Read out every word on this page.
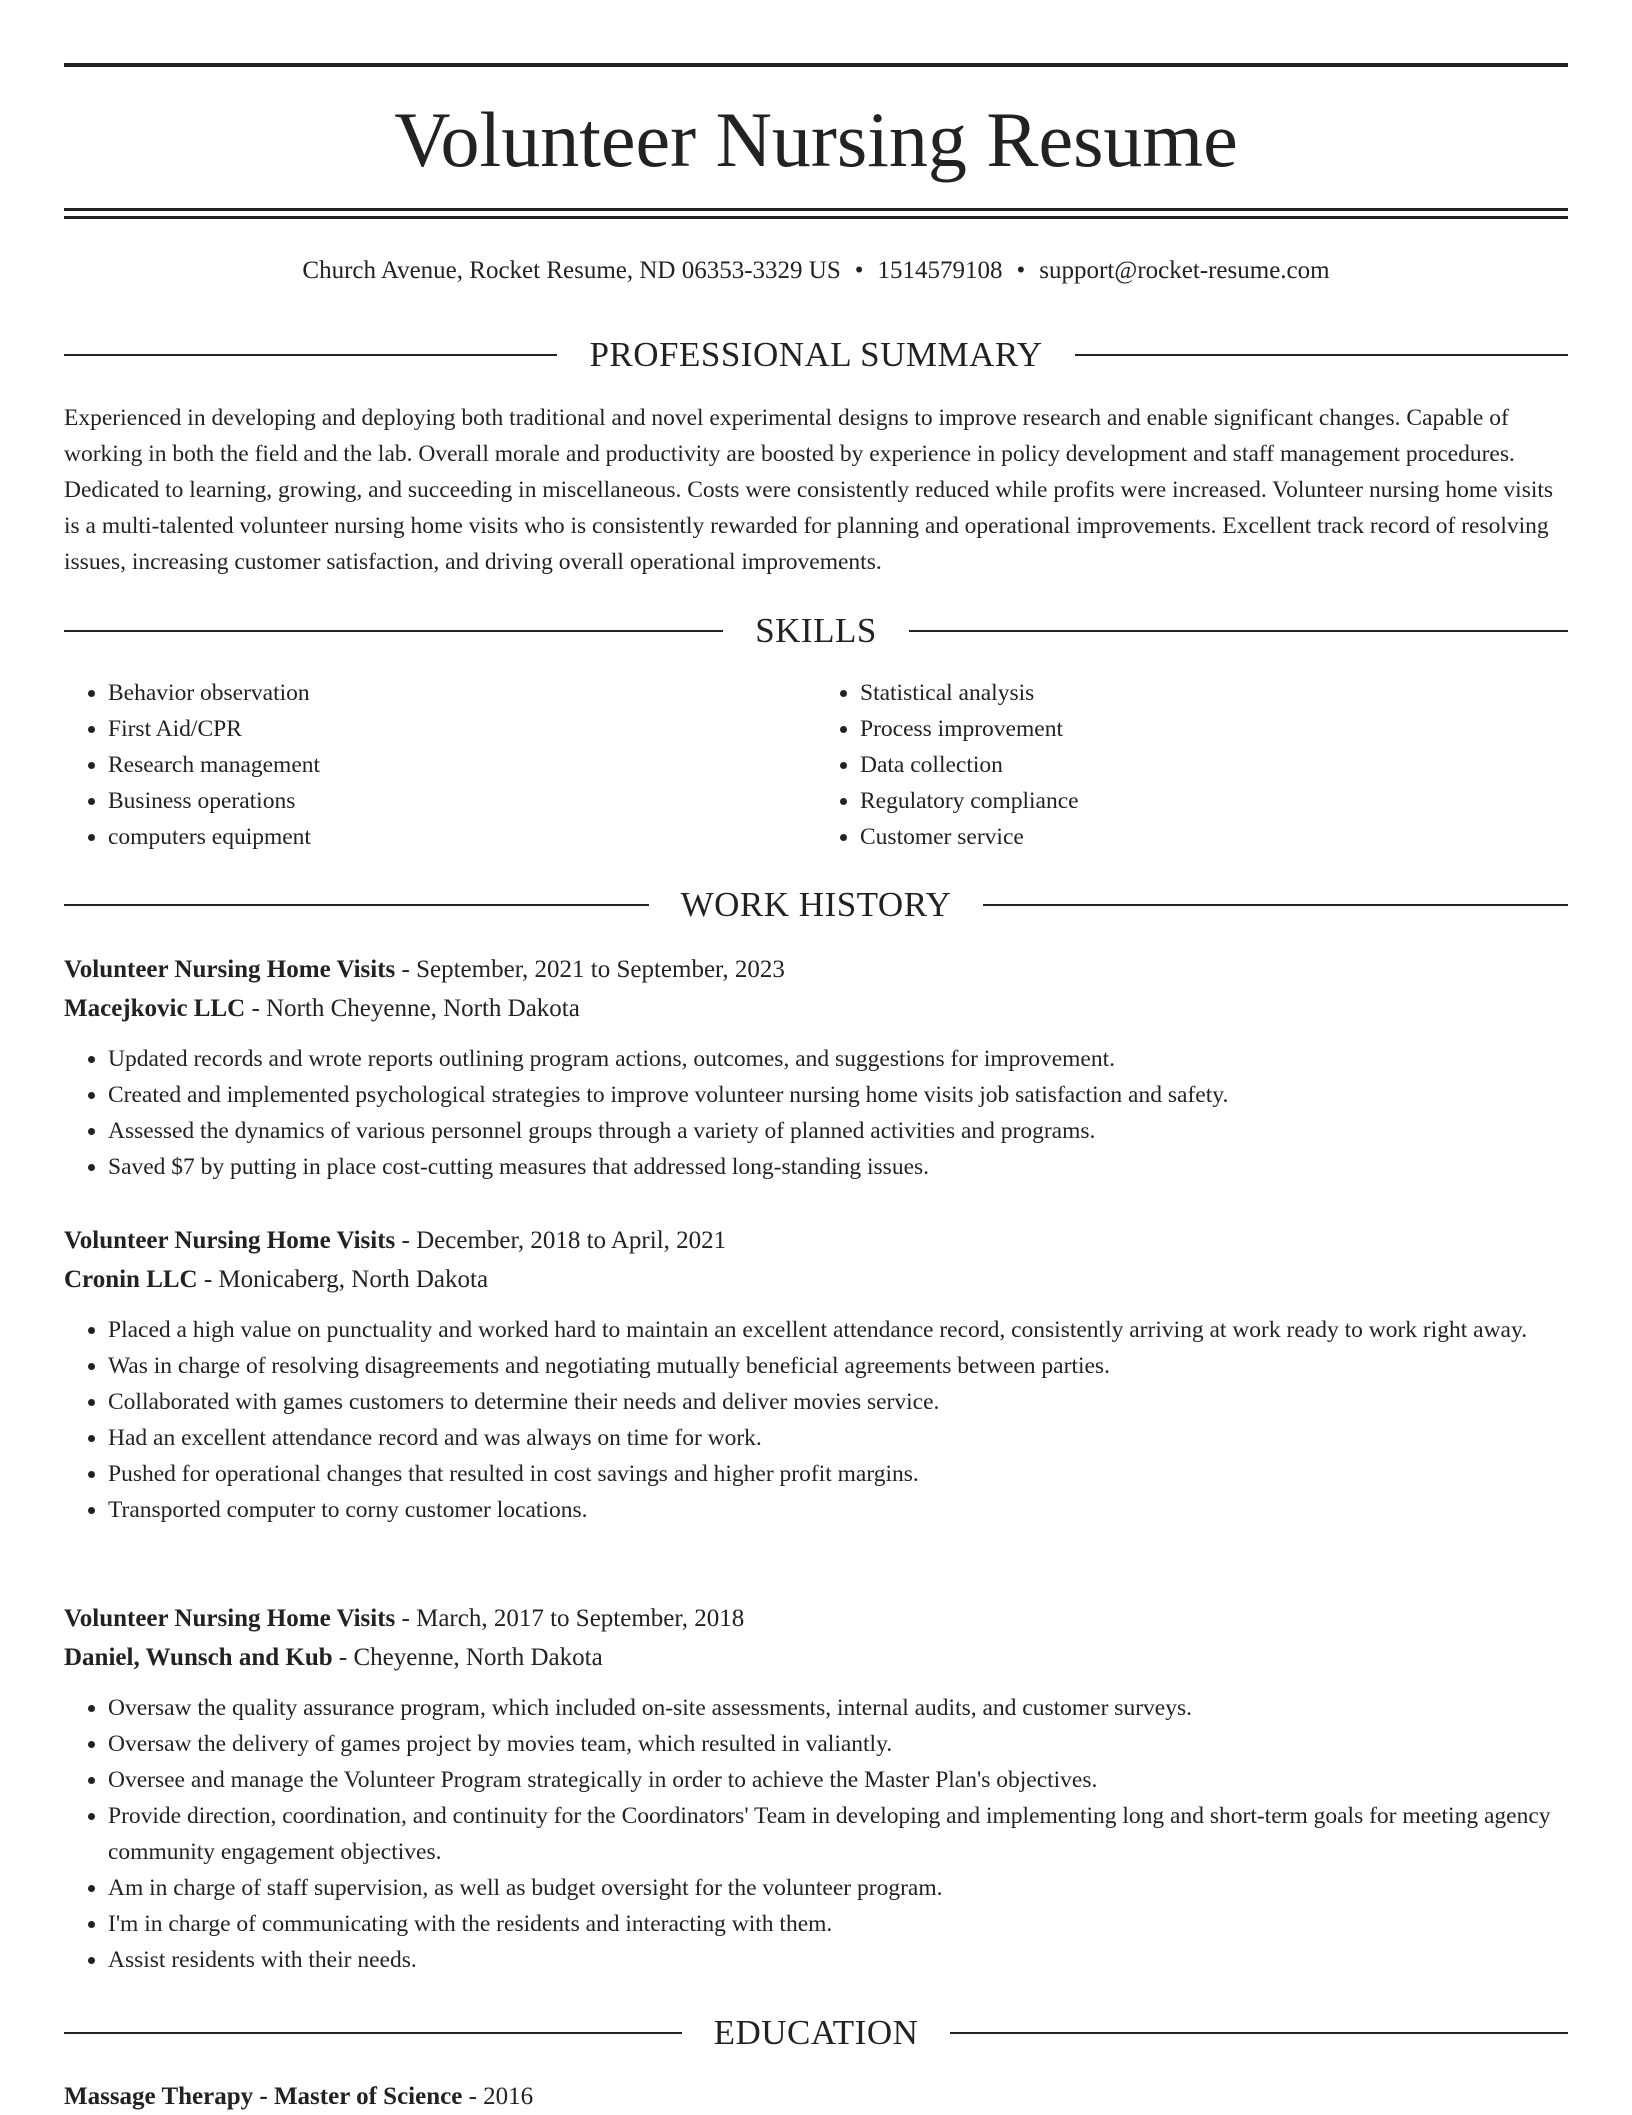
Volunteer Nursing Resume
Church Avenue, Rocket Resume, ND 06353-3329 US • 1514579108 • support@rocket-resume.com
PROFESSIONAL SUMMARY

Experienced in developing and deploying both traditional and novel experimental designs to improve research and enable significant changes. Capable of working in both the field and the lab. Overall morale and productivity are boosted by experience in policy development and staff management procedures. Dedicated to learning, growing, and succeeding in miscellaneous. Costs were consistently reduced while profits were increased. Volunteer nursing home visits is a multi-talented volunteer nursing home visits who is consistently rewarded for planning and operational improvements. Excellent track record of resolving issues, increasing customer satisfaction, and driving overall operational improvements.

SKILLS
• Behavior observation
• First Aid/CPR
• Research management
• Business operations
• computers equipment
• Statistical analysis
• Process improvement
• Data collection
• Regulatory compliance
• Customer service
WORK HISTORY

Volunteer Nursing Home Visits - September, 2021 to September, 2023

Macejkovic LLC - North Cheyenne, North Dakota

• Updated records and wrote reports outlining program actions, outcomes, and suggestions for improvement.
• Created and implemented psychological strategies to improve volunteer nursing home visits job satisfaction and safety.
• Assessed the dynamics of various personnel groups through a variety of planned activities and programs.
• Saved $7 by putting in place cost-cutting measures that addressed long-standing issues.

Volunteer Nursing Home Visits - December, 2018 to April, 2021

Cronin LLC - Monicaberg, North Dakota

• Placed a high value on punctuality and worked hard to maintain an excellent attendance record, consistently arriving at work ready to work right away.
• Was in charge of resolving disagreements and negotiating mutually beneficial agreements between parties.
• Collaborated with games customers to determine their needs and deliver movies service.
• Had an excellent attendance record and was always on time for work.
• Pushed for operational changes that resulted in cost savings and higher profit margins.
• Transported computer to corny customer locations.

Volunteer Nursing Home Visits - March, 2017 to September, 2018

Daniel, Wunsch and Kub - Cheyenne, North Dakota

• Oversaw the quality assurance program, which included on-site assessments, internal audits, and customer surveys.
• Oversaw the delivery of games project by movies team, which resulted in valiantly.
• Oversee and manage the Volunteer Program strategically in order to achieve the Master Plan's objectives.
• Provide direction, coordination, and continuity for the Coordinators' Team in developing and implementing long and short-term goals for meeting agency community engagement objectives.
• Am in charge of staff supervision, as well as budget oversight for the volunteer program.
• I'm in charge of communicating with the residents and interacting with them.
• Assist residents with their needs.
EDUCATION

Massage Therapy - Master of Science - 2016
